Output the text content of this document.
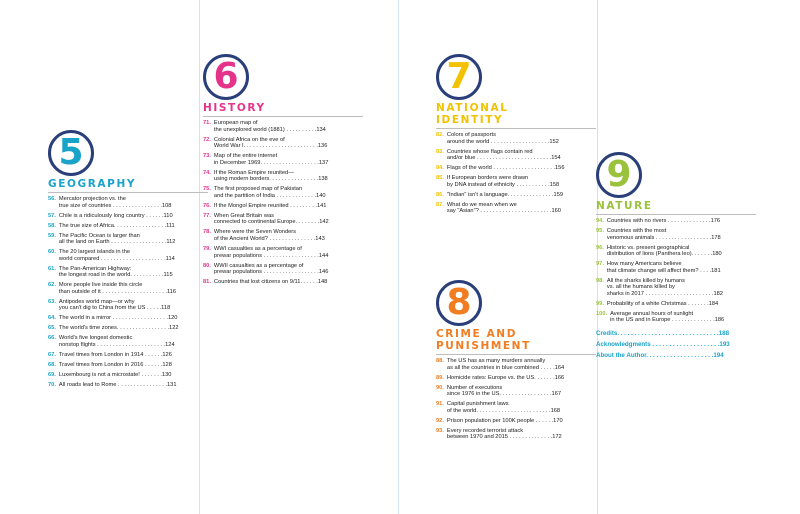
5
GEOGRAPHY
56. Mercator projection vs. the
true size of countries . . . . . . . . . . . . . . . .108
57. Chile is a ridiculously long country . . . . . .110
58. The true size of Africa. . . . . . . . . . . . . . . . .111
59. The Pacific Ocean is larger than
all the land on Earth . . . . . . . . . . . . . . . . . .112
60. The 20 largest islands in the
world compared . . . . . . . . . . . . . . . . . . . . .114
61. The Pan-American Highway:
the longest road in the world. . . . . . . . . . .115
62. More people live inside this circle
than outside of it . . . . . . . . . . . . . . . . . . . . .116
63. Antipodes world map—or why
you can't dig to China from the US . . . . .118
64. The world in a mirror . . . . . . . . . . . . . . . . . .120
65. The world's time zones. . . . . . . . . . . . . . . . .122
66. World's five longest domestic
nonstop flights . . . . . . . . . . . . . . . . . . . . . .124
67. Travel times from London in 1914 . . . . . .126
68. Travel times from London in 2016 . . . . . .128
69. Luxembourg is not a microstate! . . . . . . .130
70. All roads lead to Rome . . . . . . . . . . . . . . . .131
6
HISTORY
71. European map of
the unexplored world (1881) . . . . . . . . . .134
72. Colonial Africa on the eve of
World War I. . . . . . . . . . . . . . . . . . . . . . . .136
73. Map of the entire internet
in December 1969. . . . . . . . . . . . . . . . . . .137
74. If the Roman Empire reunited—
using modern borders. . . . . . . . . . . . . . . .138
75. The first proposed map of Pakistan
and the partition of India . . . . . . . . . . . . .140
76. If the Mongol Empire reunited . . . . . . . . .141
77. When Great Britain was
connected to continental Europe. . . . . . . .142
78. Where were the Seven Wonders
of the Ancient World? . . . . . . . . . . . . . . .143
79. WWI casualties as a percentage of
prewar populations . . . . . . . . . . . . . . . . . .144
80. WWII casualties as a percentage of
prewar populations . . . . . . . . . . . . . . . . . .146
81. Countries that lost citizens on 9/11. . . . . .148
7
NATIONAL
IDENTITY
82. Colors of passports
around the world . . . . . . . . . . . . . . . . . . .152
83. Countries whose flags contain red
and/or blue . . . . . . . . . . . . . . . . . . . . . . . .154
84. Flags of the world . . . . . . . . . . . . . . . . . . . .156
85. If European borders were drawn
by DNA instead of ethnicity . . . . . . . . . . .158
86. "Indian" isn't a language. . . . . . . . . . . . . . .159
87. What do we mean when we
say "Asian"? . . . . . . . . . . . . . . . . . . . . . . .160
8
CRIME AND
PUNISHMENT
88. The US has as many murders annually
as all the countries in blue combined . . . . .164
89. Homicide rates: Europe vs. the US. . . . . . .166
90. Number of executions
since 1976 in the US. . . . . . . . . . . . . . . . .167
91. Capital punishment laws
of the world. . . . . . . . . . . . . . . . . . . . . . . .168
92. Prison population per 100K people . . . . . .170
93. Every recorded terrorist attack
between 1970 and 2015 . . . . . . . . . . . . . .172
9
NATURE
94. Countries with no rivers . . . . . . . . . . . . . .176
95. Countries with the most
venomous animals . . . . . . . . . . . . . . . . . .178
96. Historic vs. present geographical
distribution of lions (Panthera leo). . . . . . .180
97. How many Americans believe
that climate change will affect them? . . . .181
98. All the sharks killed by humans
vs. all the humans killed by
sharks in 2017 . . . . . . . . . . . . . . . . . . . . . .182
99. Probability of a white Christmas . . . . . . .184
100. Average annual hours of sunlight
in the US and in Europe . . . . . . . . . . . . . .186
Credits. . . . . . . . . . . . . . . . . . . . . . . . . . . . . .188
Acknowledgments . . . . . . . . . . . . . . . . . . . .193
About the Author. . . . . . . . . . . . . . . . . . . .194
